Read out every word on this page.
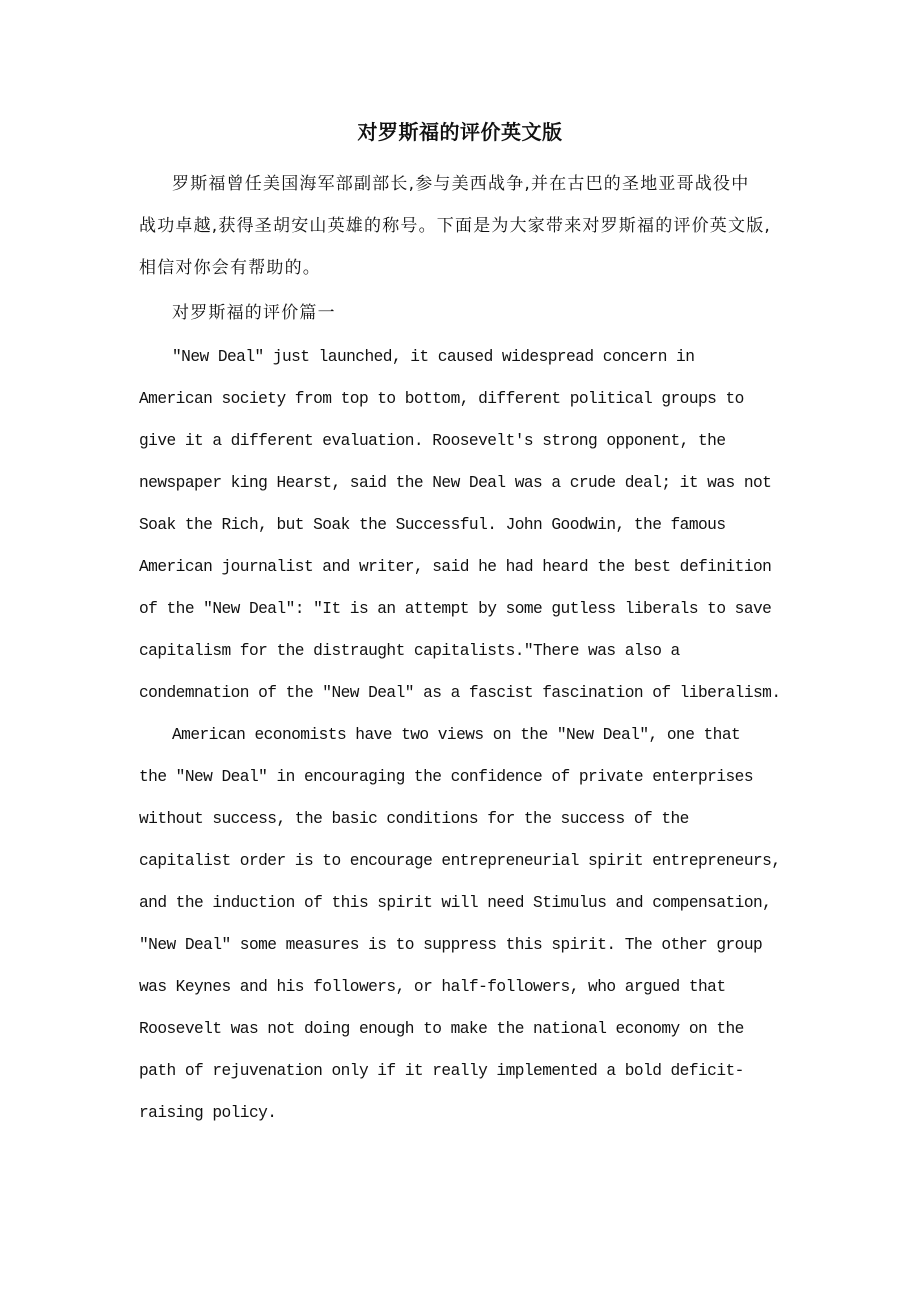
对罗斯福的评价英文版
罗斯福曾任美国海军部副部长,参与美西战争,并在古巴的圣地亚哥战役中
战功卓越,获得圣胡安山英雄的称号。下面是为大家带来对罗斯福的评价英文版,
相信对你会有帮助的。
对罗斯福的评价篇一
"New Deal" just launched, it caused widespread concern in
American society from top to bottom, different political groups to
give it a different evaluation. Roosevelt's strong opponent, the
newspaper king Hearst, said the New Deal was a crude deal; it was not
Soak the Rich, but Soak the Successful. John Goodwin, the famous
American journalist and writer, said he had heard the best definition
of the "New Deal": "It is an attempt by some gutless liberals to save
capitalism for the distraught capitalists."There was also a
condemnation of the "New Deal" as a fascist fascination of liberalism.
American economists have two views on the "New Deal", one that
the "New Deal" in encouraging the confidence of private enterprises
without success, the basic conditions for the success of the
capitalist order is to encourage entrepreneurial spirit entrepreneurs,
and the induction of this spirit will need Stimulus and compensation,
"New Deal" some measures is to suppress this spirit. The other group
was Keynes and his followers, or half-followers, who argued that
Roosevelt was not doing enough to make the national economy on the
path of rejuvenation only if it really implemented a bold deficit-
raising policy.
